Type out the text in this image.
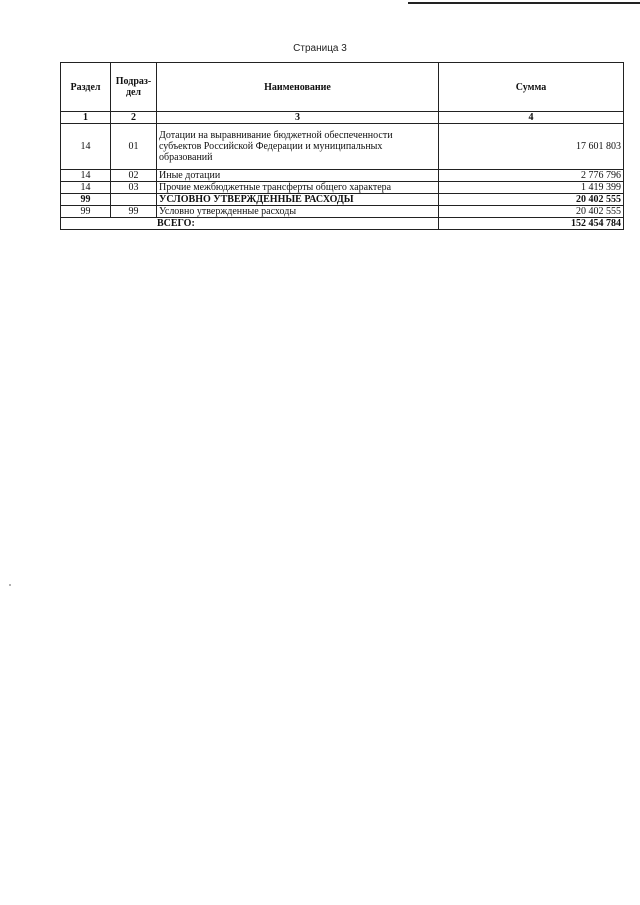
Страница 3
Раздел	Подраз-дел	Наименование	Сумма
1	2	3	4
14	01	Дотации на выравнивание бюджетной обеспеченности субъектов Российской Федерации и муниципальных образований	17 601 803
14	02	Иные дотации	2 776 796
14	03	Прочие межбюджетные трансферты общего характера	1 419 399
99		УСЛОВНО УТВЕРЖДЕННЫЕ РАСХОДЫ	20 402 555
99	99	Условно утвержденные расходы	20 402 555
ВСЕГО:			152 454 784
